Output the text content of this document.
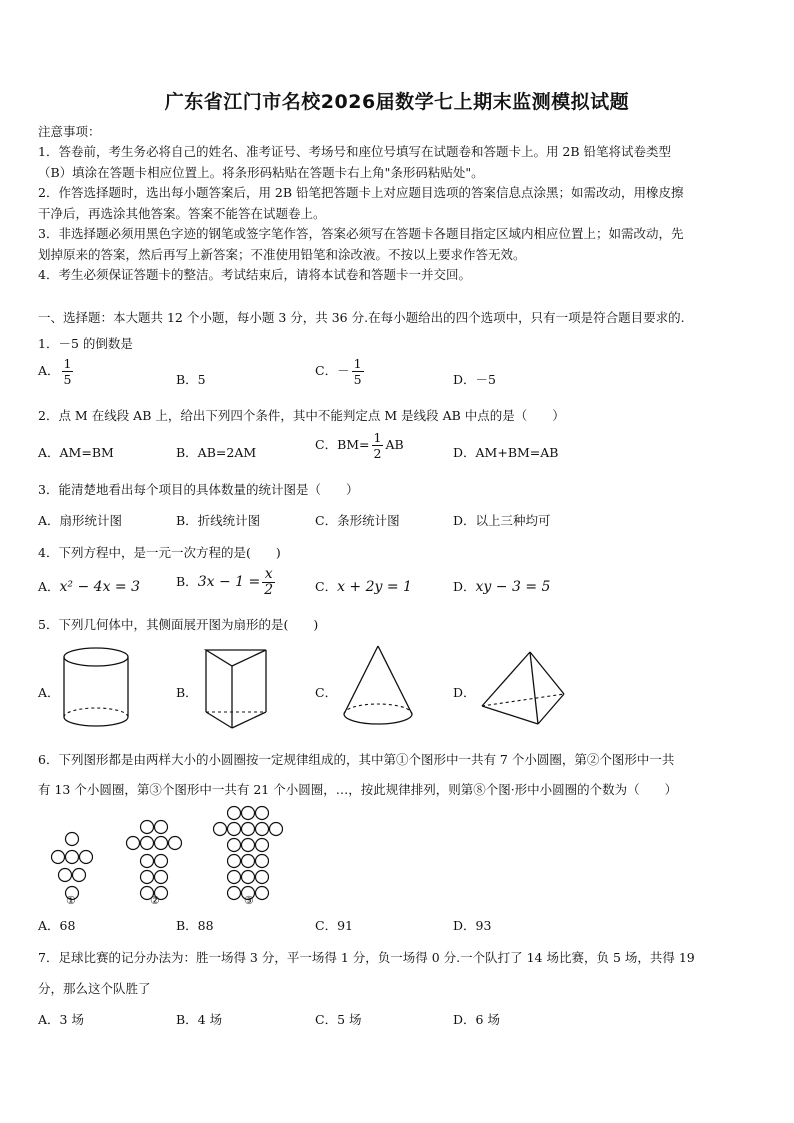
广东省江门市名校2026届数学七上期末监测模拟试题
注意事项：
1．答卷前，考生务必将自己的姓名、准考证号、考场号和座位号填写在试题卷和答题卡上。用 2B 铅笔将试卷类型
（B）填涂在答题卡相应位置上。将条形码粘贴在答题卡右上角"条形码粘贴处"。
2．作答选择题时，选出每小题答案后，用 2B 铅笔把答题卡上对应题目选项的答案信息点涂黑；如需改动，用橡皮擦
干净后，再选涂其他答案。答案不能答在试题卷上。
3．非选择题必须用黑色字迹的钢笔或签字笔作答，答案必须写在答题卡各题目指定区域内相应位置上；如需改动，先
划掉原来的答案，然后再写上新答案；不准使用铅笔和涂改液。不按以上要求作答无效。
4．考生必须保证答题卡的整洁。考试结束后，请将本试卷和答题卡一并交回。
一、选择题：本大题共 12 个小题，每小题 3 分，共 36 分.在每小题给出的四个选项中，只有一项是符合题目要求的.
1．－5 的倒数是
A． $\frac{1}{5}$	B．5
C．－ $\frac{1}{5}$	D．－5
2．点 M 在线段 AB 上，给出下列四个条件，其中不能判定点 M 是线段 AB 中点的是（　　）
A．AM=BM	B．AB=2AM
C．$BM= \frac{1}{2}$ AB
D．AM+BM=AB
3．能清楚地看出每个项目的具体数量的统计图是（　　）
A．扇形统计图	B．折线统计图	C．条形统计图	D．以上三种均可
4．下列方程中，是一元一次方程的是(　　)
A．x² − 4x = 3	B．$3x - 1 = \frac{x}{2}$	C．x + 2y = 1	D．xy − 3 = 5
5．下列几何体中，其侧面展开图为扇形的是(　　)
A．	B．	C．	D．
6．下列图形都是由两样大小的小圆圈按一定规律组成的，其中第①个图形中一共有 7 个小圆圈，第②个图形中一共
有 13 个小圆圈，第③个图形中一共有 21 个小圆圈，…，按此规律排列，则第⑧个图·形中小圆圈的个数为（　　）
①	②	③
A．68	B．88	C．91	D．93
7．足球比赛的记分办法为：胜一场得 3 分，平一场得 1 分，负一场得 0 分.一个队打了 14 场比赛，负 5 场，共得 19
分，那么这个队胜了
A．3 场	B．4 场	C．5 场	D．6 场
